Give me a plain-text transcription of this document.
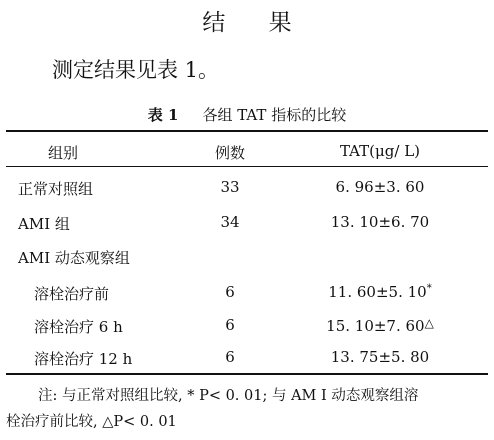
结 果
测定结果见表 1。
表 1 各组 TAT 指标的比较
组别	例数	TAT(μg/ L)
正常对照组	33	6. 96±3. 60
AMI 组	34	13. 10±6. 70
AMI 动态观察组
溶栓治疗前	6	11. 60±5. 10*
溶栓治疗 6 h	6	15. 10±7. 60△
溶栓治疗 12 h	6	13. 75±5. 80
注: 与正常对照组比较, * P< 0. 01; 与 AM I 动态观察组溶
栓治疗前比较, △P< 0. 01
